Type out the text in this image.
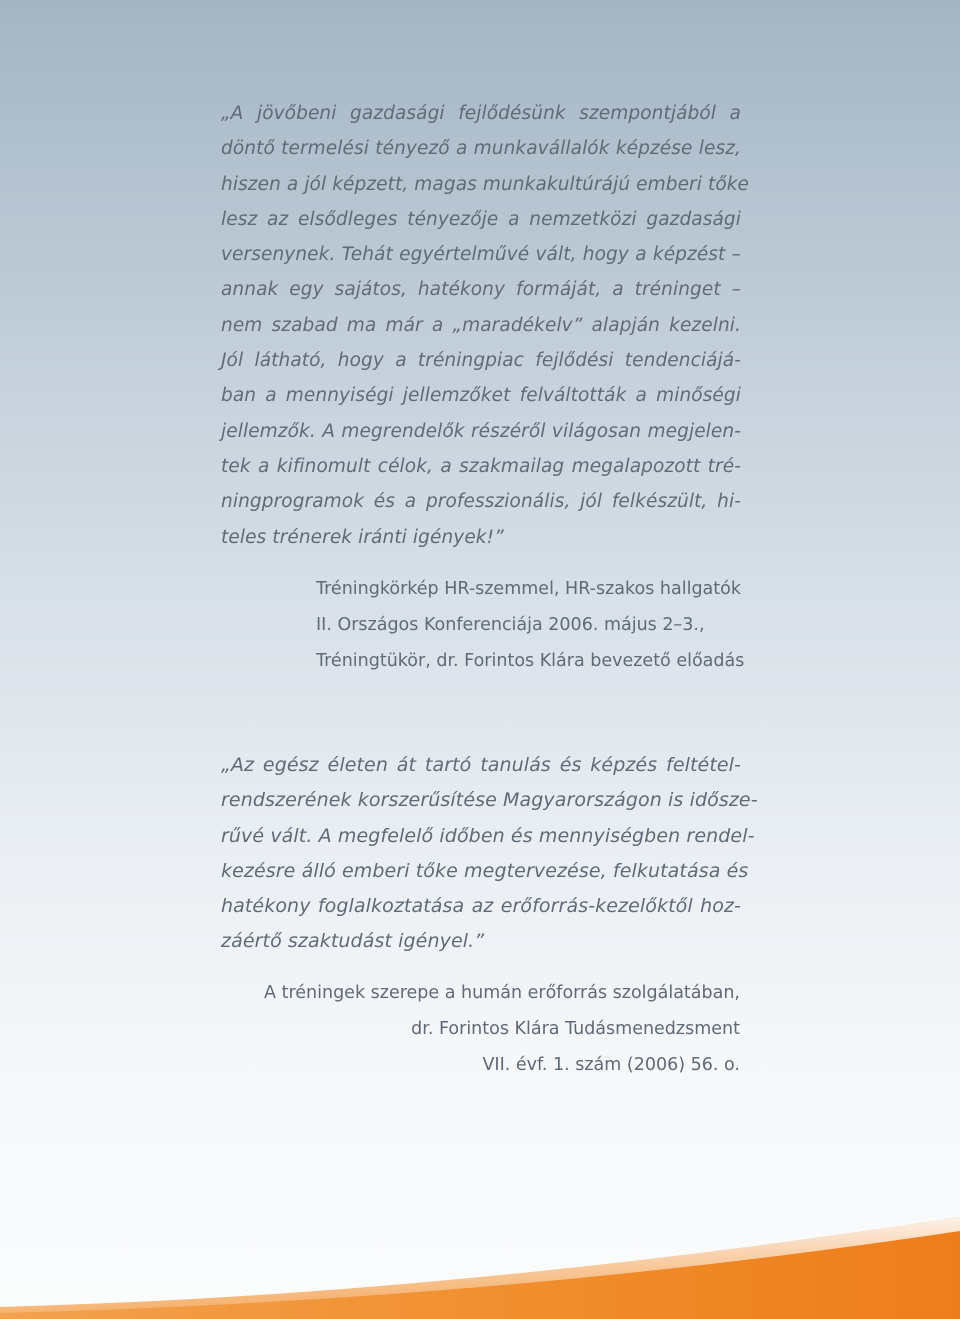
„A jövőbeni gazdasági fejlődésünk szempontjából a
döntő termelési tényező a munkavállalók képzése lesz,
hiszen a jól képzett, magas munkakultúrájú emberi tőke
lesz az elsődleges tényezője a nemzetközi gazdasági
versenynek. Tehát egyértelművé vált, hogy a képzést –
annak egy sajátos, hatékony formáját, a tréninget –
nem szabad ma már a „maradékelv” alapján kezelni.
Jól látható, hogy a tréningpiac fejlődési tendenciájá-
ban a mennyiségi jellemzőket felváltották a minőségi
jellemzők. A megrendelők részéről világosan megjelen-
tek a kifinomult célok, a szakmailag megalapozott tré-
ningprogramok és a professzionális, jól felkészült, hi-
teles trénerek iránti igények!”
Tréningkörkép HR-szemmel, HR-szakos hallgatók
II. Országos Konferenciája 2006. május 2–3.,
Tréningtükör, dr. Forintos Klára bevezető előadás
„Az egész életen át tartó tanulás és képzés feltétel-
rendszerének korszerűsítése Magyarországon is idősze-
rűvé vált. A megfelelő időben és mennyiségben rendel-
kezésre álló emberi tőke megtervezése, felkutatása és
hatékony foglalkoztatása az erőforrás-kezelőktől hoz-
záértő szaktudást igényel.”
A tréningek szerepe a humán erőforrás szolgálatában,
dr. Forintos Klára Tudásmenedzsment
VII. évf. 1. szám (2006) 56. o.
